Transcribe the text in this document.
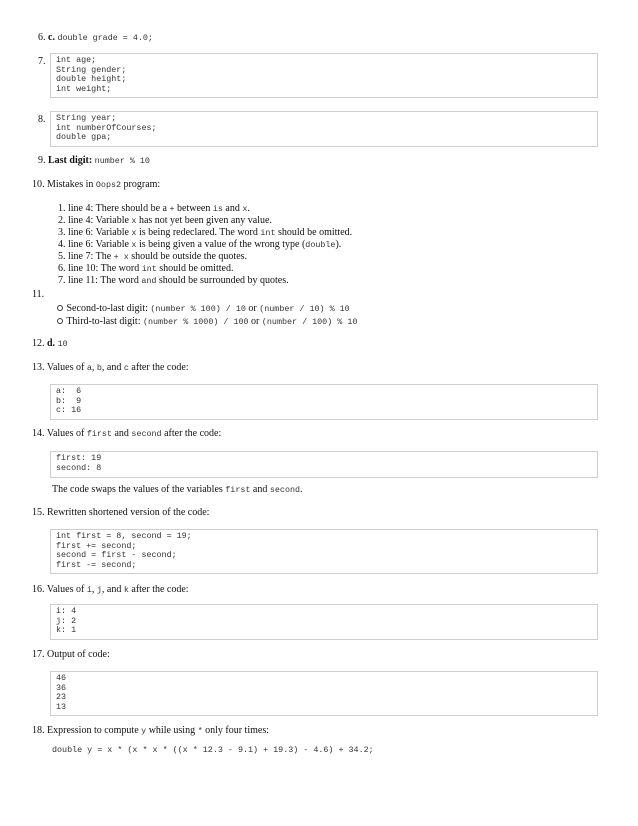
6. c. double grade = 4.0;
7. int age;
String gender;
double height;
int weight;
8. String year;
int numberOfCourses;
double gpa;
9. Last digit: number % 10
10. Mistakes in Oops2 program:
1. line 4: There should be a + between is and x.
2. line 4: Variable x has not yet been given any value.
3. line 6: Variable x is being redeclared. The word int should be omitted.
4. line 6: Variable x is being given a value of the wrong type (double).
5. line 7: The + x should be outside the quotes.
6. line 10: The word int should be omitted.
7. line 11: The word and should be surrounded by quotes.
11.
Second-to-last digit: (number % 100) / 10 or (number / 10) % 10
Third-to-last digit: (number % 1000) / 100 or (number / 100) % 10
12. d. 10
13. Values of a, b, and c after the code:
a:  6
b:  9
c: 16
14. Values of first and second after the code:
first: 19
second: 8
The code swaps the values of the variables first and second.
15. Rewritten shortened version of the code:
int first = 8, second = 19;
first += second;
second = first - second;
first -= second;
16. Values of i, j, and k after the code:
i: 4
j: 2
k: 1
17. Output of code:
46
36
23
13
18. Expression to compute y while using * only four times:
double y = x * (x * x * ((x * 12.3 - 9.1) + 19.3) - 4.6) + 34.2;
